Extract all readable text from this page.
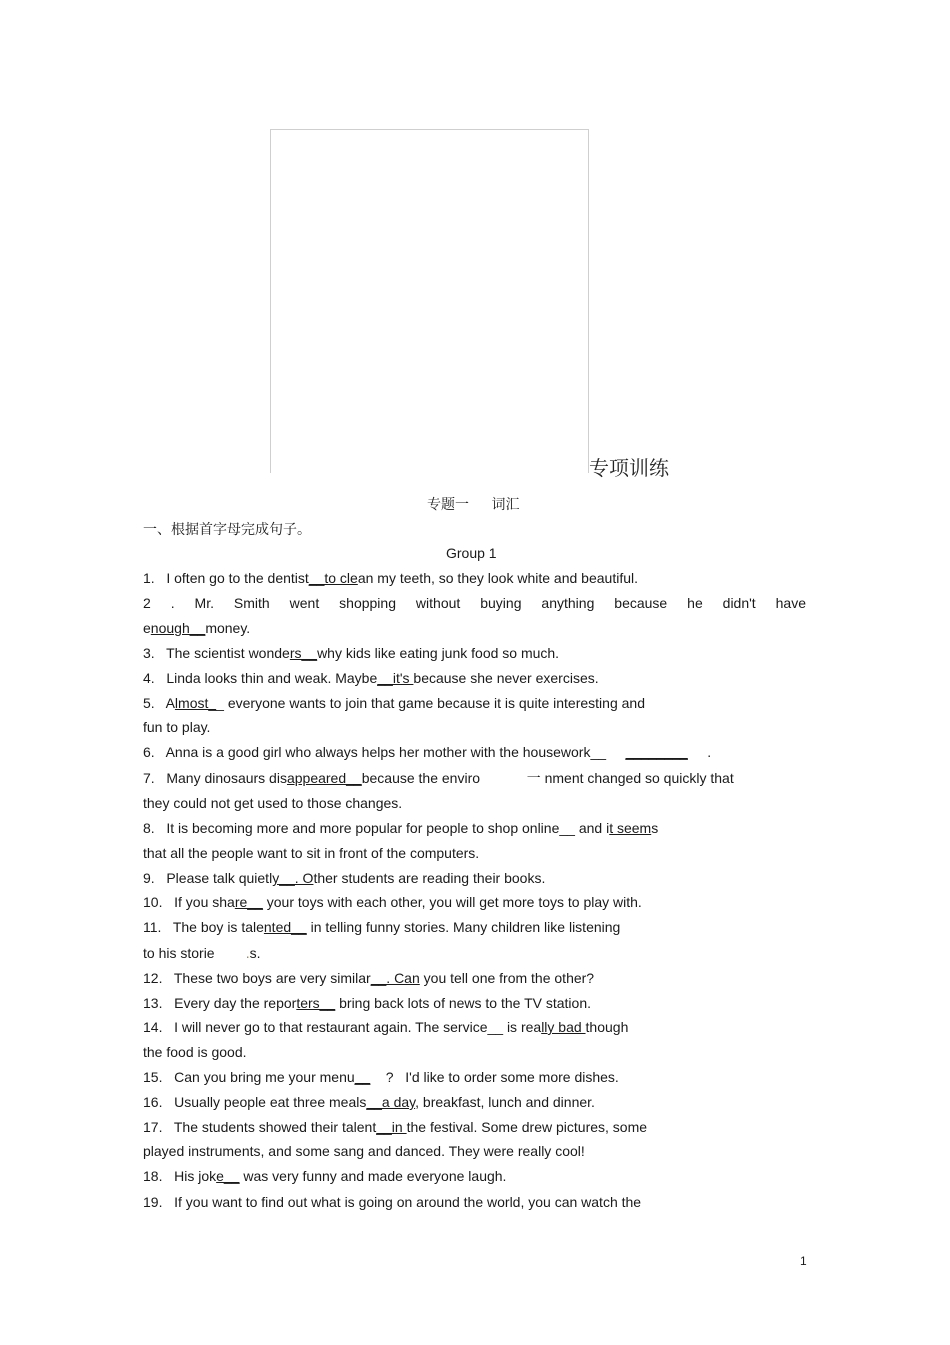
专项训练
专题一 词汇
一、根据首字母完成句子。
Group 1
1.   I often go to the dentist__to clean my teeth, so they look white and beautiful.
2 . Mr. Smith went shopping without buying anything because he didn't have
enough__money.
3.   The scientist wonders__why kids like eating junk food so much.
4.   Linda looks thin and weak. Maybe__it's because she never exercises.
5.   Almost__ everyone wants to join that game because it is quite interesting and
fun to play.
6.   Anna is a good girl who always helps her mother with the housework__     ________     .
7.   Many dinosaurs disappeared__because the enviro            一 nment changed so quickly that
they could not get used to those changes.
8.   It is becoming more and more popular for people to shop online__ and it seems
that all the people want to sit in front of the computers.
9.   Please talk quietly__. Other students are reading their books.
10.   If you share__ your toys with each other, you will get more toys to play with.
11.   The boy is talented__ in telling funny stories. Many children like listening
to his storie        .s.
12.   These two boys are very similar__. Can you tell one from the other?
13.   Every day the reporters__ bring back lots of news to the TV station.
14.   I will never go to that restaurant again. The service__ is really bad though
the food is good.
15.   Can you bring me your menu__    ?   I'd like to order some more dishes.
16.   Usually people eat three meals__a day, breakfast, lunch and dinner.
17.   The students showed their talent__in the festival. Some drew pictures, some
played instruments, and some sang and danced. They were really cool!
18.   His joke__ was very funny and made everyone laugh.
19.   If you want to find out what is going on around the world, you can watch the
1
